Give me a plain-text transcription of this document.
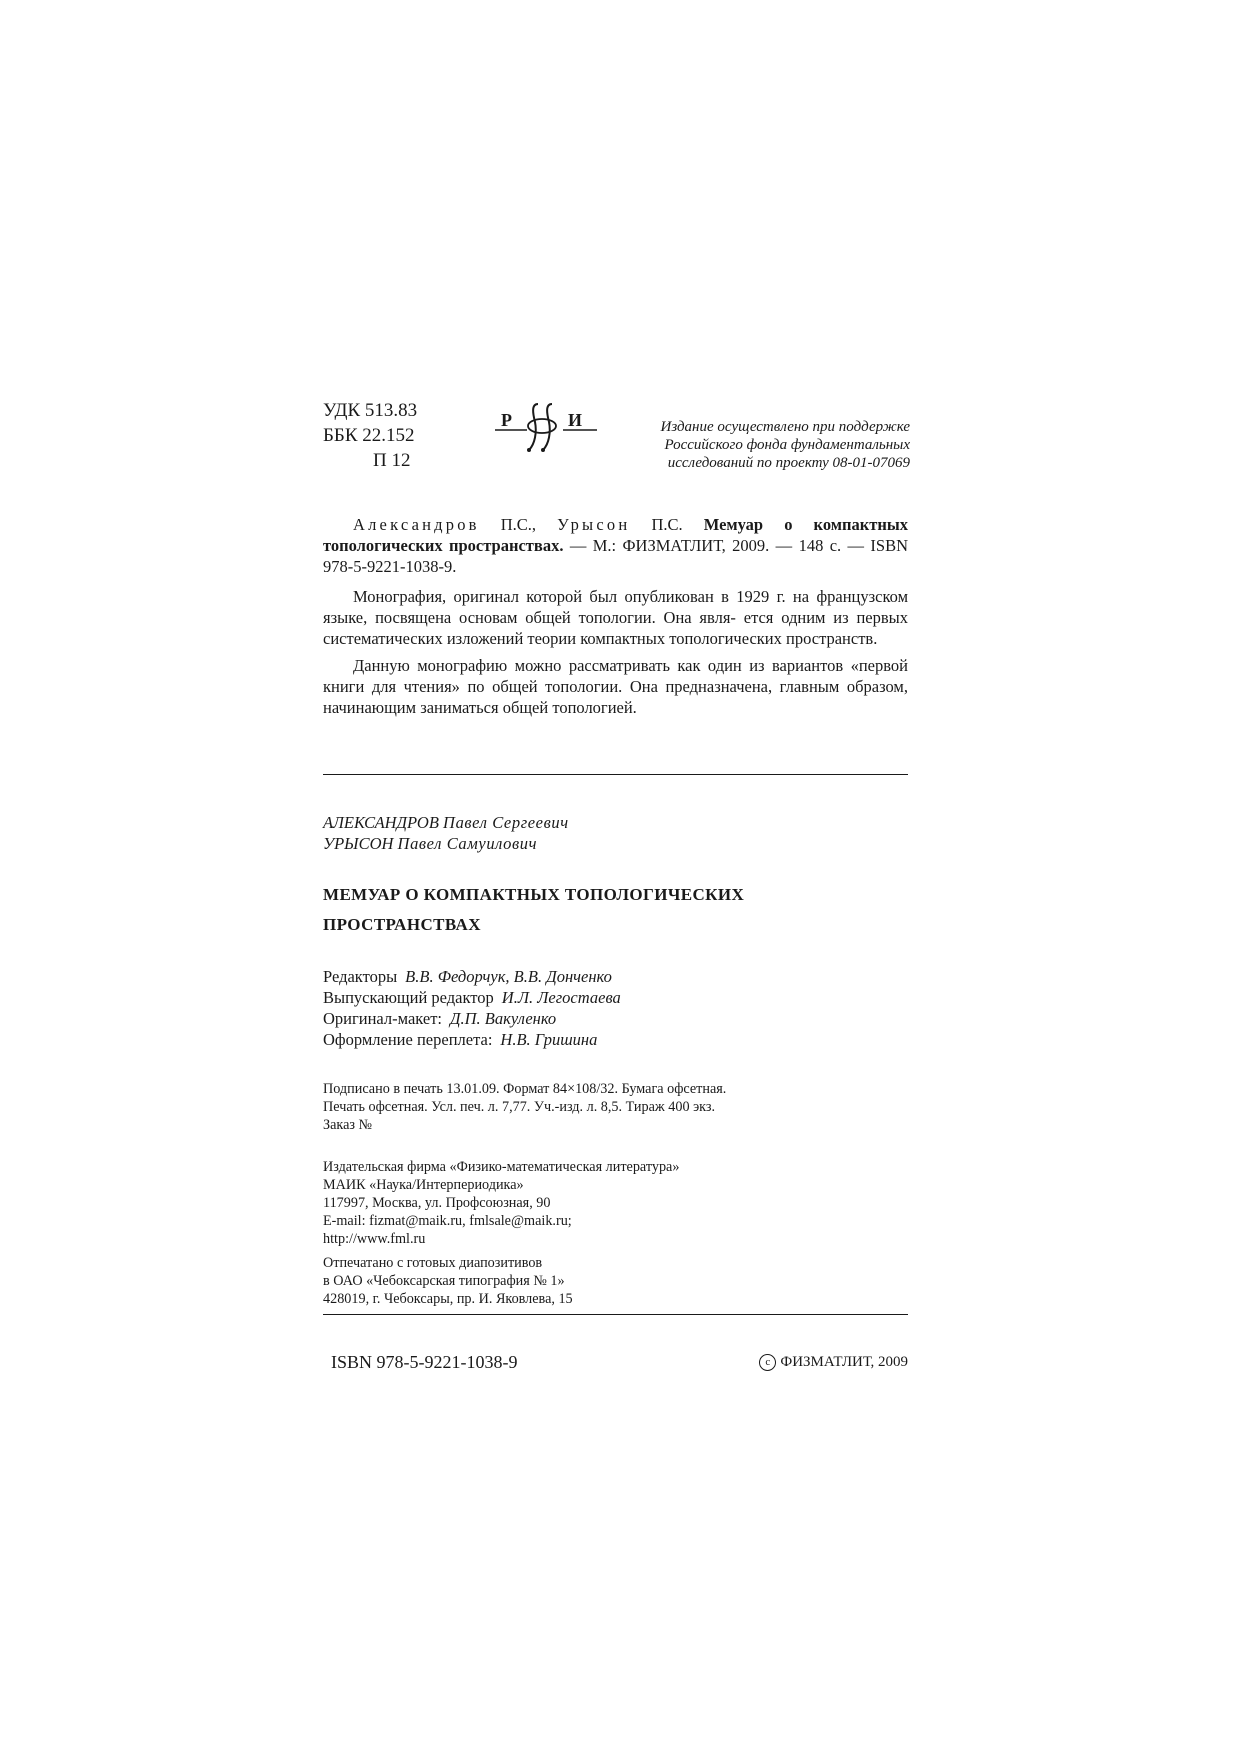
УДК 513.83
ББК 22.152
П 12
Р	И	Издание осуществлено при поддержке
Российского фонда фундаментальных
исследований по проекту 08-01-07069

Александров П.С., Урысон П.С. Мемуар о компактных топологических пространствах. — М.: ФИЗМАТЛИТ, 2009. — 148 с. — ISBN 978-5-9221-1038-9.

Монография, оригинал которой был опубликован в 1929 г. на французском языке, посвящена основам общей топологии. Она явля- ется одним из первых систематических изложений теории компактных топологических пространств.

Данную монографию можно рассматривать как один из вариантов «первой книги для чтения» по общей топологии. Она предназначена, главным образом, начинающим заниматься общей топологией.

АЛЕКСАНДРОВ Павел Сергеевич
УРЫСОН Павел Самуилович
МЕМУАР О КОМПАКТНЫХ ТОПОЛОГИЧЕСКИХ
ПРОСТРАНСТВАХ
Редакторы В.В. Федорчук, В.В. Донченко
Выпускающий редактор И.Л. Легостаева
Оригинал-макет: Д.П. Вакуленко
Оформление переплета: Н.В. Гришина
Подписано в печать 13.01.09. Формат 84×108/32. Бумага офсетная.
Печать офсетная. Усл. печ. л. 7,77. Уч.-изд. л. 8,5. Тираж 400 экз.
Заказ №
Издательская фирма «Физико-математическая литература»
МАИК «Наука/Интерпериодика»
117997, Москва, ул. Профсоюзная, 90
E-mail: fizmat@maik.ru, fmlsale@maik.ru;
http://www.fml.ru
Отпечатано с готовых диапозитивов
в ОАО «Чебоксарская типография № 1»
428019, г. Чебоксары, пр. И. Яковлева, 15
ISBN 978-5-9221-1038-9	c ФИЗМАТЛИТ, 2009
